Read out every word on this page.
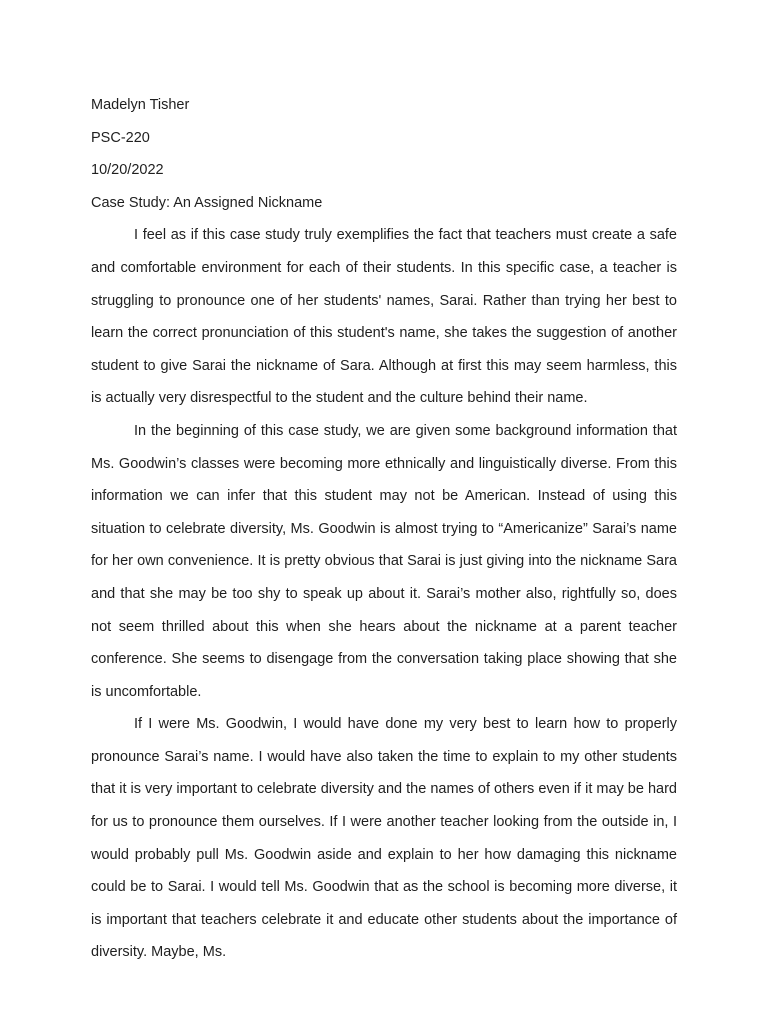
Madelyn Tisher

PSC-220

10/20/2022

Case Study: An Assigned Nickname

I feel as if this case study truly exemplifies the fact that teachers must create a safe and comfortable environment for each of their students. In this specific case, a teacher is struggling to pronounce one of her students' names, Sarai. Rather than trying her best to learn the correct pronunciation of this student's name, she takes the suggestion of another student to give Sarai the nickname of Sara. Although at first this may seem harmless, this is actually very disrespectful to the student and the culture behind their name.

In the beginning of this case study, we are given some background information that Ms. Goodwin’s classes were becoming more ethnically and linguistically diverse. From this information we can infer that this student may not be American. Instead of using this situation to celebrate diversity, Ms. Goodwin is almost trying to “Americanize” Sarai’s name for her own convenience. It is pretty obvious that Sarai is just giving into the nickname Sara and that she may be too shy to speak up about it. Sarai’s mother also, rightfully so, does not seem thrilled about this when she hears about the nickname at a parent teacher conference. She seems to disengage from the conversation taking place showing that she is uncomfortable.

If I were Ms. Goodwin, I would have done my very best to learn how to properly pronounce Sarai’s name. I would have also taken the time to explain to my other students that it is very important to celebrate diversity and the names of others even if it may be hard for us to pronounce them ourselves. If I were another teacher looking from the outside in, I would probably pull Ms. Goodwin aside and explain to her how damaging this nickname could be to Sarai. I would tell Ms. Goodwin that as the school is becoming more diverse, it is important that teachers celebrate it and educate other students about the importance of diversity. Maybe, Ms.
